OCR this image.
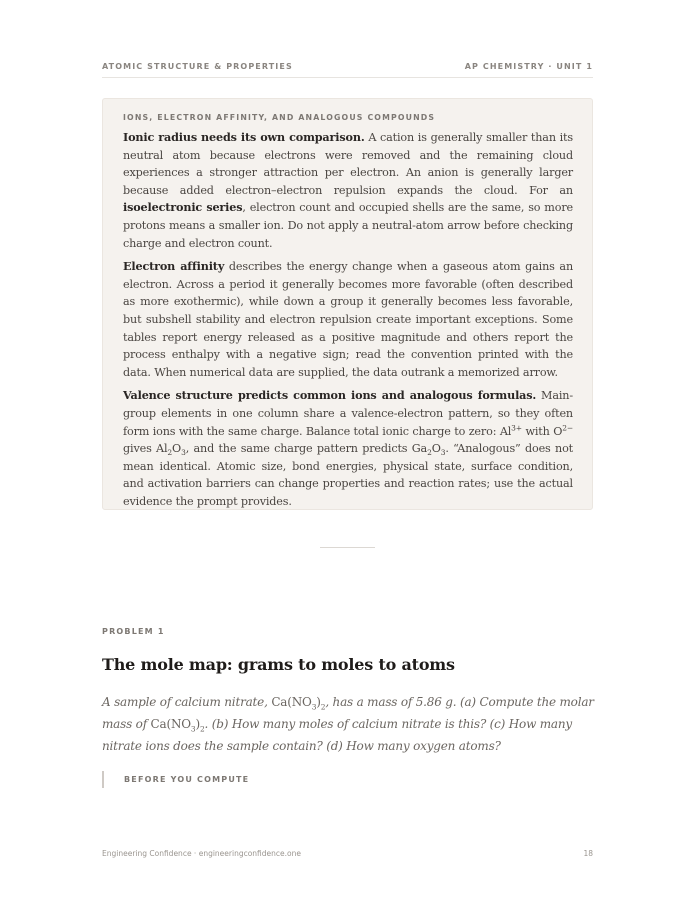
ATOMIC STRUCTURE & PROPERTIES	AP CHEMISTRY · UNIT 1
IONS, ELECTRON AFFINITY, AND ANALOGOUS COMPOUNDS

Ionic radius needs its own comparison. A cation is generally smaller than its neutral atom because electrons were removed and the remaining cloud experiences a stronger attraction per electron. An anion is generally larger because added electron–electron repulsion expands the cloud. For an isoelectronic series, electron count and occupied shells are the same, so more protons means a smaller ion. Do not apply a neutral-atom arrow before checking charge and electron count.

Electron affinity describes the energy change when a gaseous atom gains an electron. Across a period it generally becomes more favorable (often described as more exothermic), while down a group it generally becomes less favorable, but subshell stability and electron repulsion create important exceptions. Some tables report energy released as a positive magnitude and others report the process enthalpy with a negative sign; read the convention printed with the data. When numerical data are supplied, the data outrank a memorized arrow.

Valence structure predicts common ions and analogous formulas. Main-group elements in one column share a valence-electron pattern, so they often form ions with the same charge. Balance total ionic charge to zero: $Al^{3+}$ with $O^{2-}$ gives $Al_2O_3$, and the same charge pattern predicts $Ga_2O_3$. “Analogous” does not mean identical. Atomic size, bond energies, physical state, surface condition, and activation barriers can change properties and reaction rates; use the actual evidence the prompt provides.

PROBLEM 1
The mole map: grams to moles to atoms
A sample of calcium nitrate, $Ca(NO_3)_2$, has a mass of 5.86 g. (a) Compute the molar mass of $Ca(NO_3)_2$. (b) How many moles of calcium nitrate is this? (c) How many nitrate ions does the sample contain? (d) How many oxygen atoms?
BEFORE YOU COMPUTE
Engineering Confidence · engineeringconfidence.one	18
